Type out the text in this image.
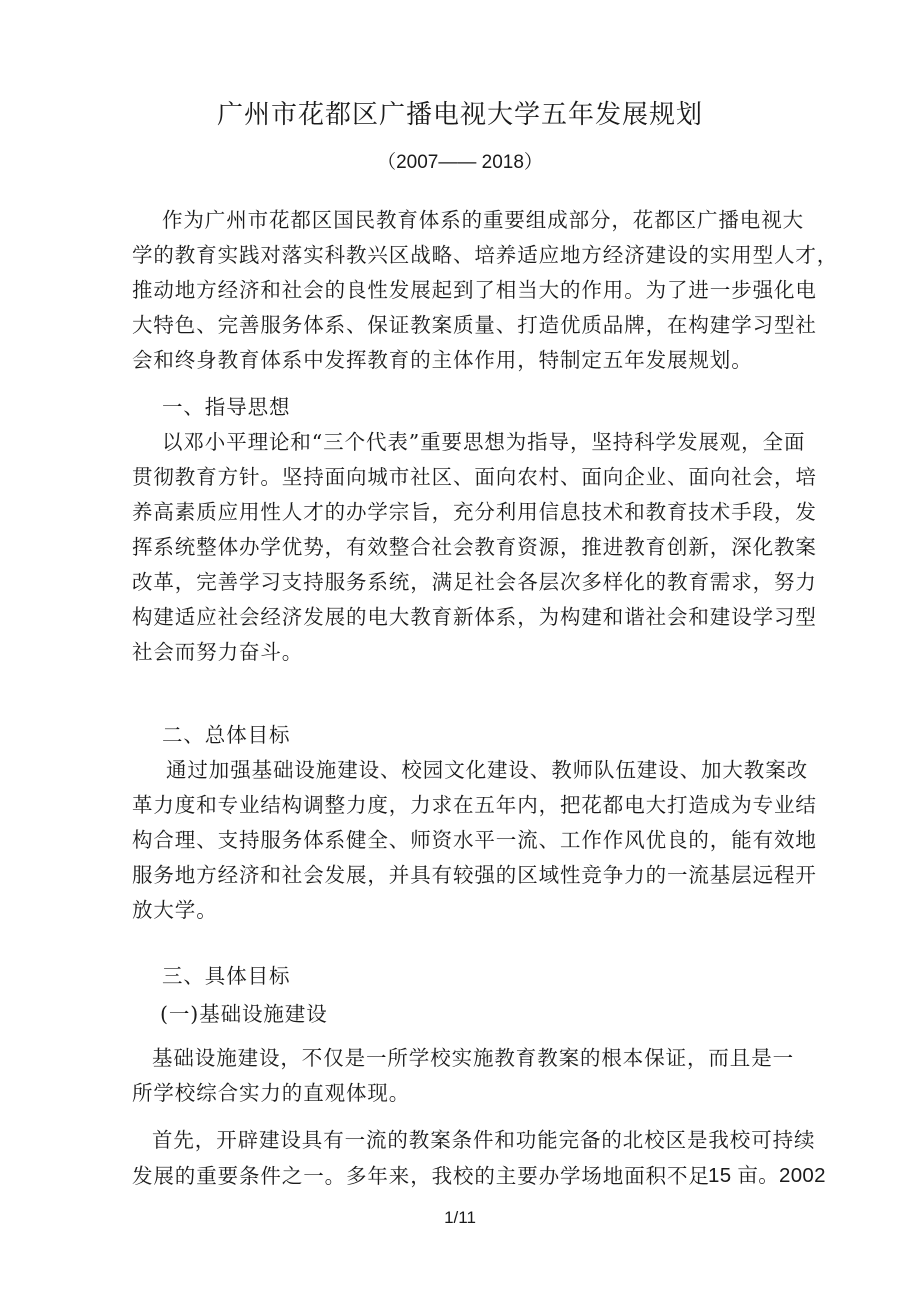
广州市花都区广播电视大学五年发展规划
（2007—— 2018）
作为广州市花都区国民教育体系的重要组成部分，花都区广播电视大
学的教育实践对落实科教兴区战略、培养适应地方经济建设的实用型人才，
推动地方经济和社会的良性发展起到了相当大的作用。为了进一步强化电
大特色、完善服务体系、保证教案质量、打造优质品牌，在构建学习型社
会和终身教育体系中发挥教育的主体作用，特制定五年发展规划。
一、指导思想
以邓小平理论和“三个代表”重要思想为指导，坚持科学发展观，全面
贯彻教育方针。坚持面向城市社区、面向农村、面向企业、面向社会，培
养高素质应用性人才的办学宗旨，充分利用信息技术和教育技术手段，发
挥系统整体办学优势，有效整合社会教育资源，推进教育创新，深化教案
改革，完善学习支持服务系统，满足社会各层次多样化的教育需求，努力
构建适应社会经济发展的电大教育新体系，为构建和谐社会和建设学习型
社会而努力奋斗。
二、总体目标
通过加强基础设施建设、校园文化建设、教师队伍建设、加大教案改
革力度和专业结构调整力度，力求在五年内，把花都电大打造成为专业结
构合理、支持服务体系健全、师资水平一流、工作作风优良的，能有效地
服务地方经济和社会发展，并具有较强的区域性竞争力的一流基层远程开
放大学。
三、具体目标
(一)基础设施建设
基础设施建设，不仅是一所学校实施教育教案的根本保证，而且是一
所学校综合实力的直观体现。
首先，开辟建设具有一流的教案条件和功能完备的北校区是我校可持续
发展的重要条件之一。多年来，我校的主要办学场地面积不足
15 亩。2002
1/11
